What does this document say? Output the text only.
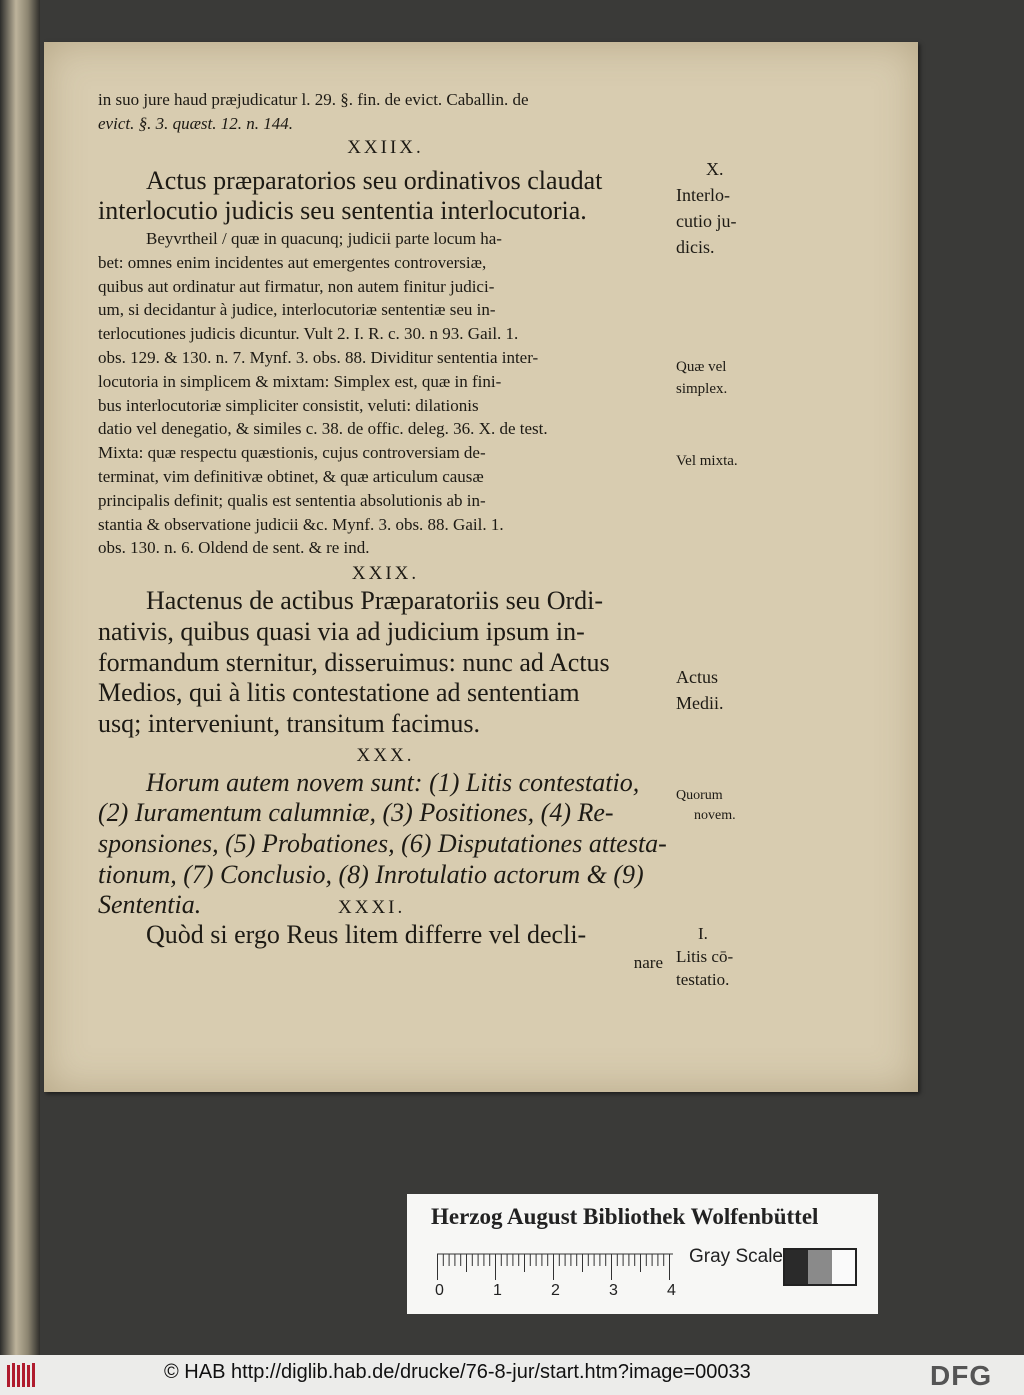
in suo jure haud præjudicatur l. 29. §. fin. de evict. Caballin. de
evict. §. 3. quæst. 12. n. 144.
XXIIX.
Actus præparatorios seu ordinativos claudat
interlocutio judicis seu sententia interlocutoria.
Beyvrtheil / quæ in quacunq; judicii parte locum ha-
bet: omnes enim incidentes aut emergentes controversiæ,
quibus aut ordinatur aut firmatur, non autem finitur judici-
um, si decidantur à judice, interlocutoriæ sententiæ seu in-
terlocutiones judicis dicuntur. Vult 2. I. R. c. 30. n 93. Gail. 1.
obs. 129. & 130. n. 7. Mynf. 3. obs. 88. Dividitur sententia inter-
locutoria in simplicem & mixtam: Simplex est, quæ in fini-
bus interlocutoriæ simpliciter consistit, veluti: dilationis
datio vel denegatio, & similes c. 38. de offic. deleg. 36. X. de test.
Mixta: quæ respectu quæstionis, cujus controversiam de-
terminat, vim definitivæ obtinet, & quæ articulum causæ
principalis definit; qualis est sententia absolutionis ab in-
stantia & observatione judicii &c. Mynf. 3. obs. 88. Gail. 1.
obs. 130. n. 6. Oldend de sent. & re ind.
XXIX.
Hactenus de actibus Præparatoriis seu Ordi-
nativis, quibus quasi via ad judicium ipsum in-
formandum sternitur, disseruimus: nunc ad Actus
Medios, qui à litis contestatione ad sententiam
usq; interveniunt, transitum facimus.
XXX.
Horum autem novem sunt: (1) Litis contestatio,
(2) Iuramentum calumniæ, (3) Positiones, (4) Re-
sponsiones, (5) Probationes, (6) Disputationes attesta-
tionum, (7) Conclusio, (8) Inrotulatio actorum & (9)
Sententia.	XXXI.
Quòd si ergo Reus litem differre vel decli-
nare
X.
Interlo-
cutio ju-
dicis.
Quæ vel
simplex.
Vel mixta.
Actus
Medii.
Quorum
novem.
I.
Litis cō-
testatio.
Herzog August Bibliothek Wolfenbüttel
0	1	2	3	4
Gray Scale
© HAB http://diglib.hab.de/drucke/76-8-jur/start.htm?image=00033	DFG
